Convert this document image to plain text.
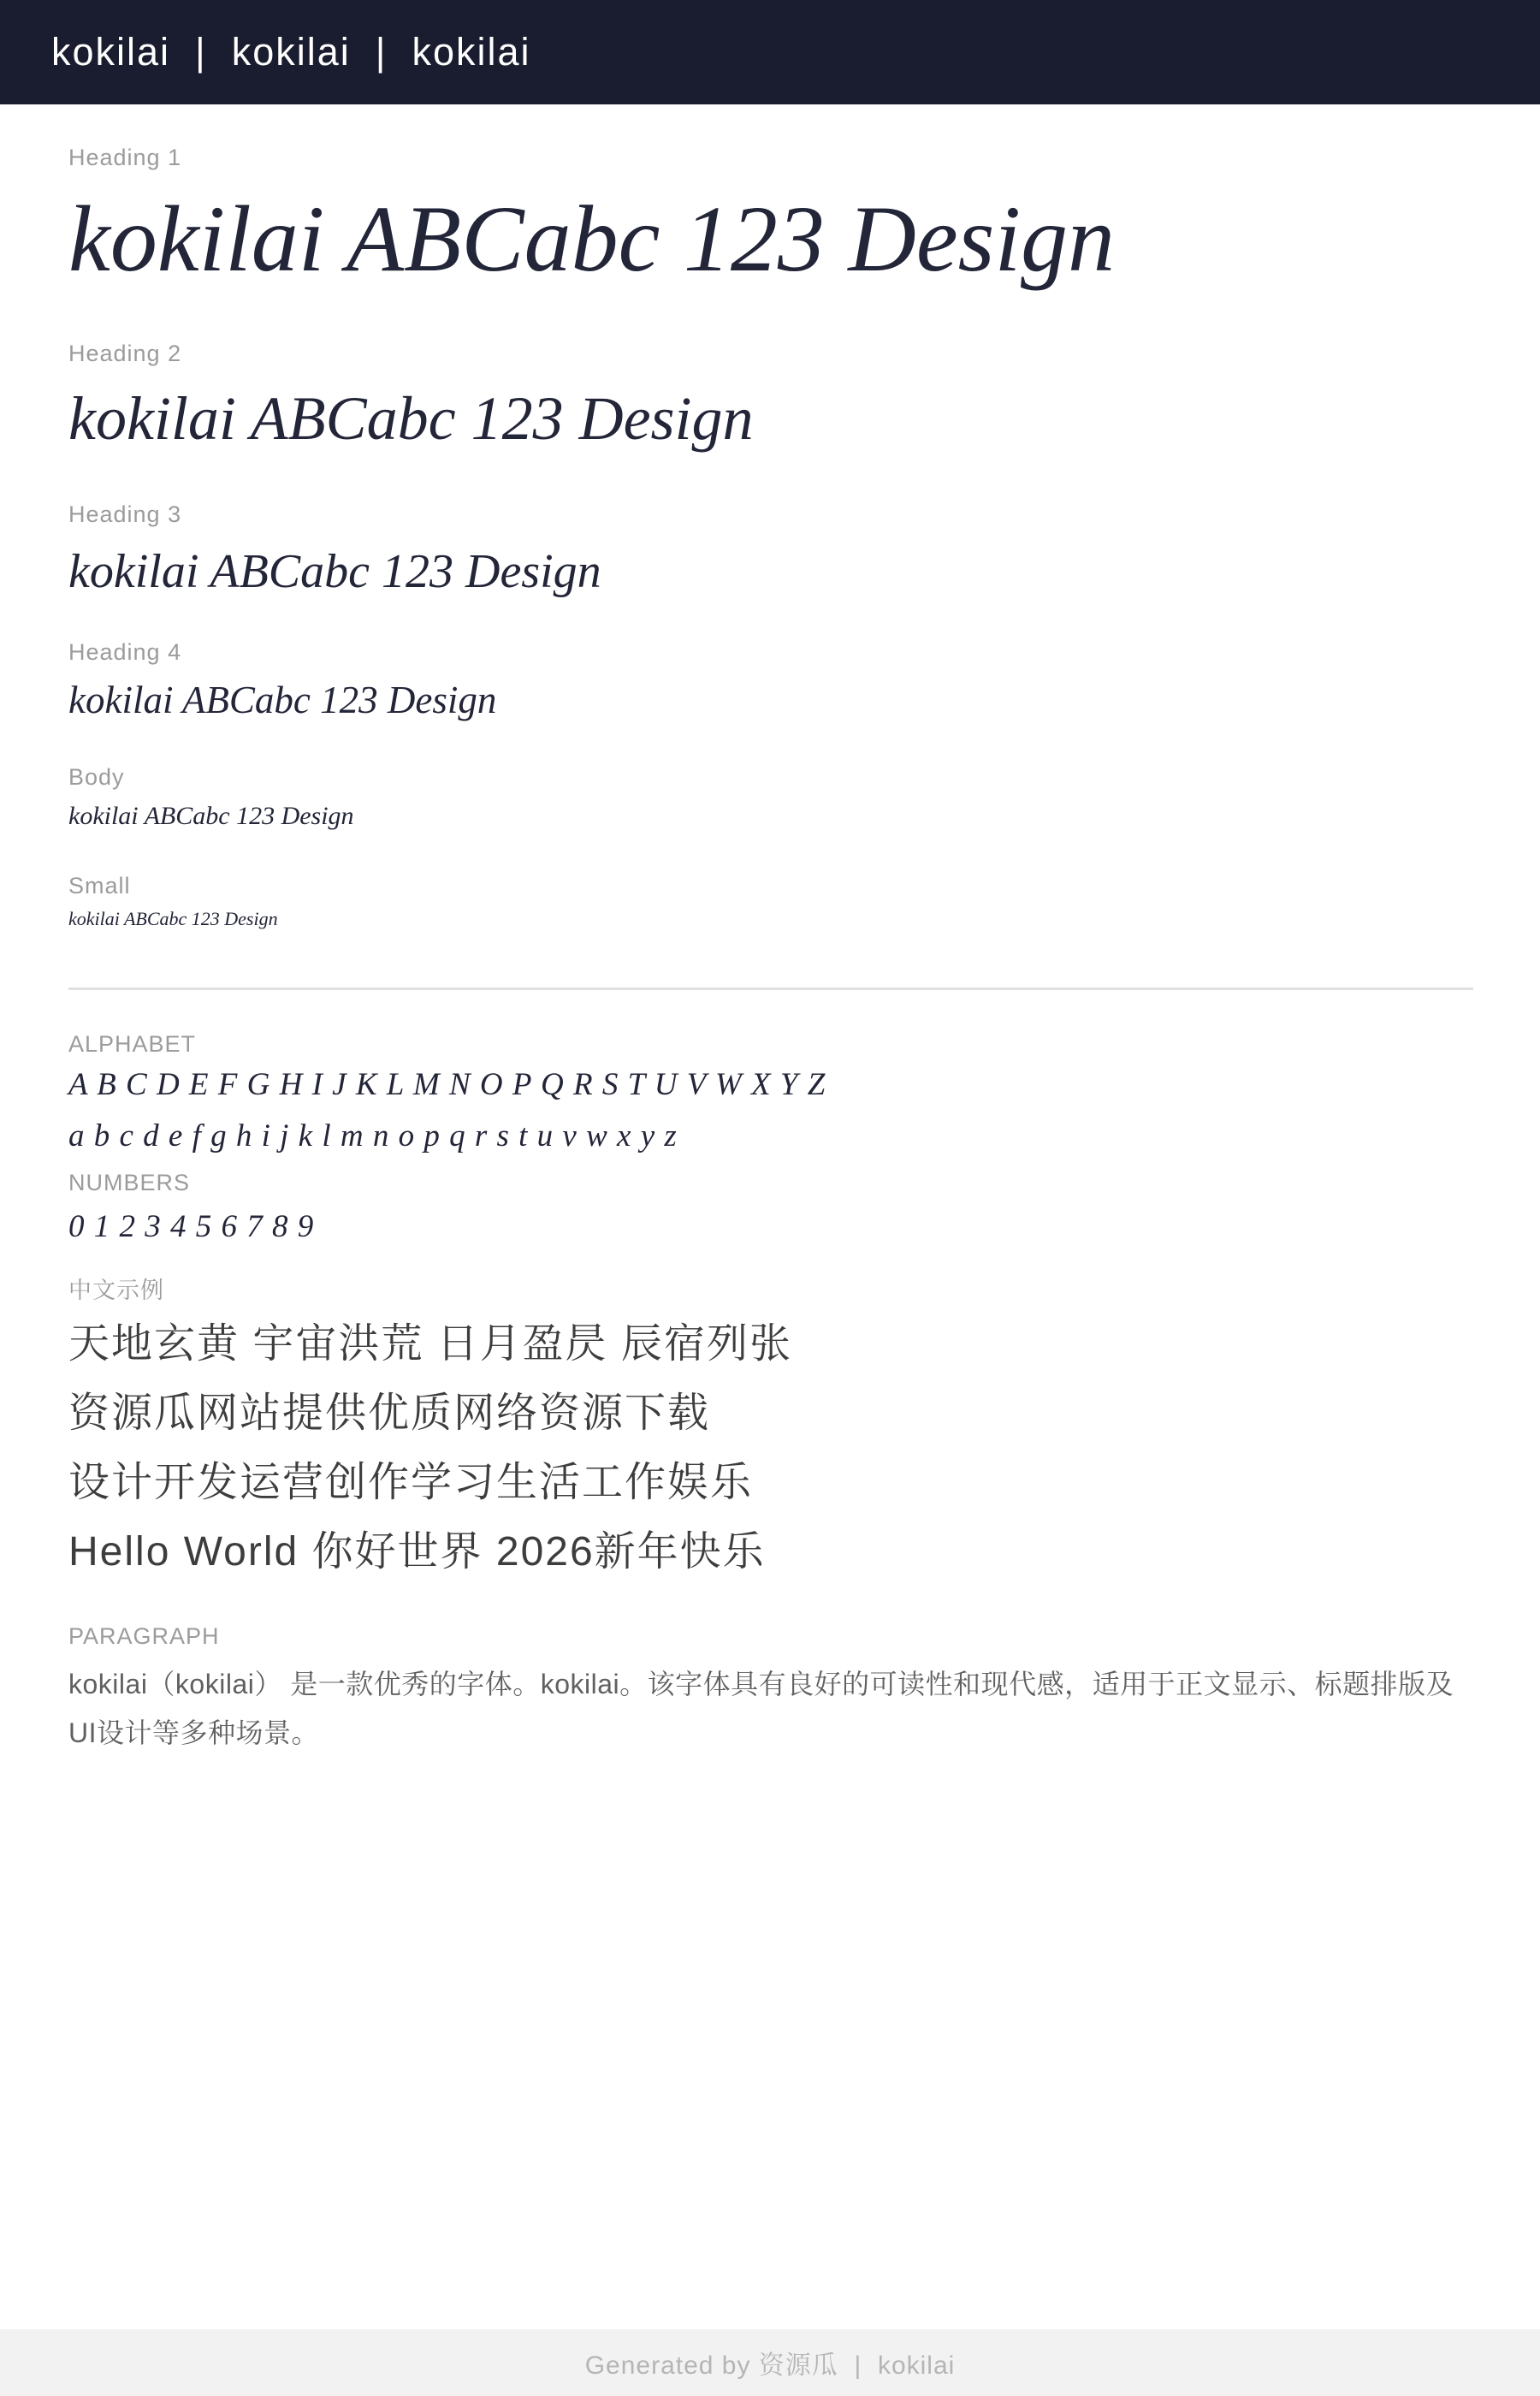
kokilai  |  kokilai  |  kokilai
Heading 1
kokilai ABCabc 123 Design
Heading 2
kokilai ABCabc 123 Design
Heading 3
kokilai ABCabc 123 Design
Heading 4
kokilai ABCabc 123 Design
Body
kokilai ABCabc 123 Design
Small
kokilai ABCabc 123 Design
ALPHABET
A B C D E F G H I J K L M N O P Q R S T U V W X Y Z
a b c d e f g h i j k l m n o p q r s t u v w x y z
NUMBERS
0 1 2 3 4 5 6 7 8 9
中文示例
天地玄黄 宇宙洪荒 日月盈昃 辰宿列张
资源瓜网站提供优质网络资源下载
设计开发运营创作学习生活工作娱乐
Hello World 你好世界 2026新年快乐
PARAGRAPH
kokilai（kokilai） 是一款优秀的字体。kokilai。该字体具有良好的可读性和现代感，适用于正文显示、标题排版及UI设计等多种场景。
Generated by 资源瓜  |  kokilai
